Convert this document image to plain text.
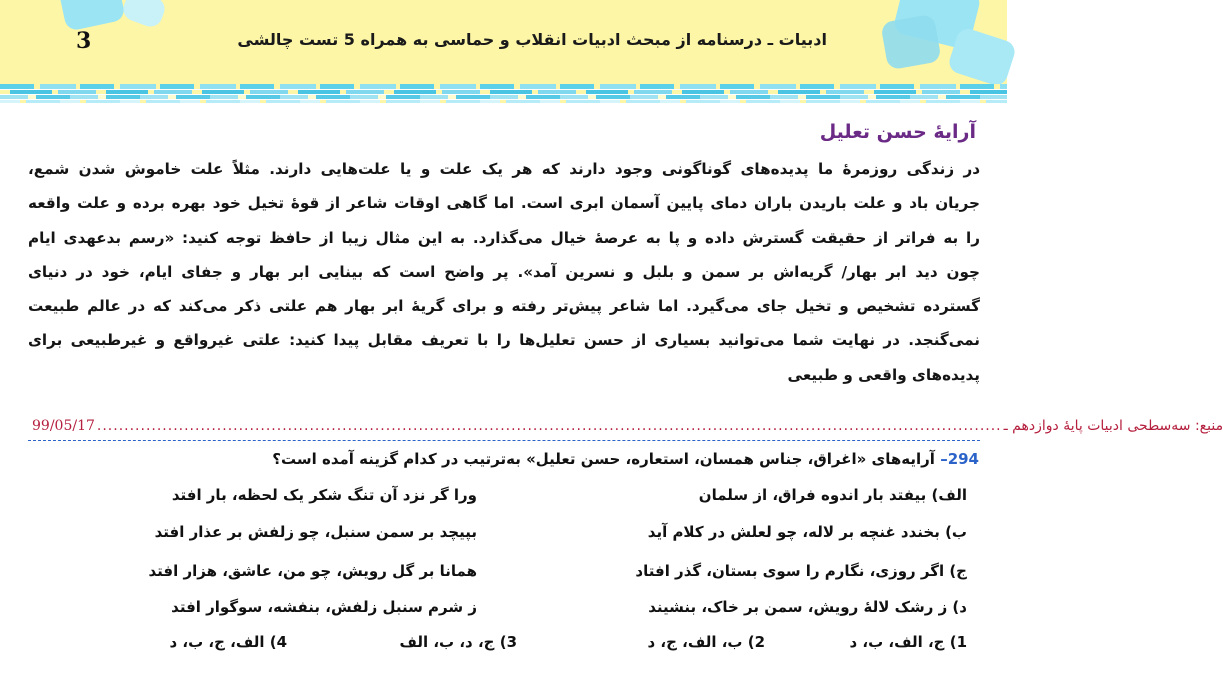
ادبیات ـ درسنامه از مبحث ادبیات انقلاب و حماسی به همراه 5 تست چالشی
3
آرایهٔ حسن تعلیل
در زندگی روزمرهٔ ما پدیده‌های گوناگونی وجود دارند که هر یک علت و یا علت‌هایی دارند. مثلاً علت خاموش شدن شمع،
جریان باد و علت باریدن باران دمای پایین آسمان ابری است. اما گاهی اوقات شاعر از قوهٔ تخیل خود بهره برده و علت واقعه
را به فراتر از حقیقت گسترش داده و پا به عرصهٔ خیال می‌گذارد. به این مثال زیبا از حافظ توجه کنید: «رسم بدعهدی ایام
چون دید ابر بهار/ گریه‌اش بر سمن و بلبل و نسرین آمد». پر واضح است که بینایی ابر بهار و جفای ایام، خود در دنیای
گسترده تشخیص و تخیل جای می‌گیرد. اما شاعر پیش‌تر رفته و برای گریهٔ ابر بهار هم علتی ذکر می‌کند که در عالم طبیعت
نمی‌گنجد. در نهایت شما می‌توانید بسیاری از حسن تعلیل‌ها را با تعریف مقابل پیدا کنید: علتی غیرواقع و غیرطبیعی برای
پدیده‌های واقعی و طبیعی
99/05/17 ...................................................................................................................................................................... منبع: سه‌سطحی ادبیات پایهٔ دوازدهم ـ
294– آرایه‌های «اغراق، جناس همسان، استعاره، حسن تعلیل» به‌ترتیب در کدام گزینه آمده است؟
الف) بیفتد بار اندوه فراق، از سلمان
ورا گر نزد آن تنگ شکر یک لحظه، بار افتد
ب) بخندد غنچه بر لاله، چو لعلش در کلام آید
بپیچد بر سمن سنبل، چو زلفش بر عذار افتد
ج) اگر روزی، نگارم را سوی بستان، گذر افتاد
همانا بر گل رویش، چو من، عاشق، هزار افتد
د) ز رشک لالهٔ رویش، سمن بر خاک، بنشیند
ز شرم سنبل زلفش، بنفشه، سوگوار افتد
1) ج، الف، ب، د
2) ب، الف، ج، د
3) ج، د، ب، الف
4) الف، ج، ب، د
